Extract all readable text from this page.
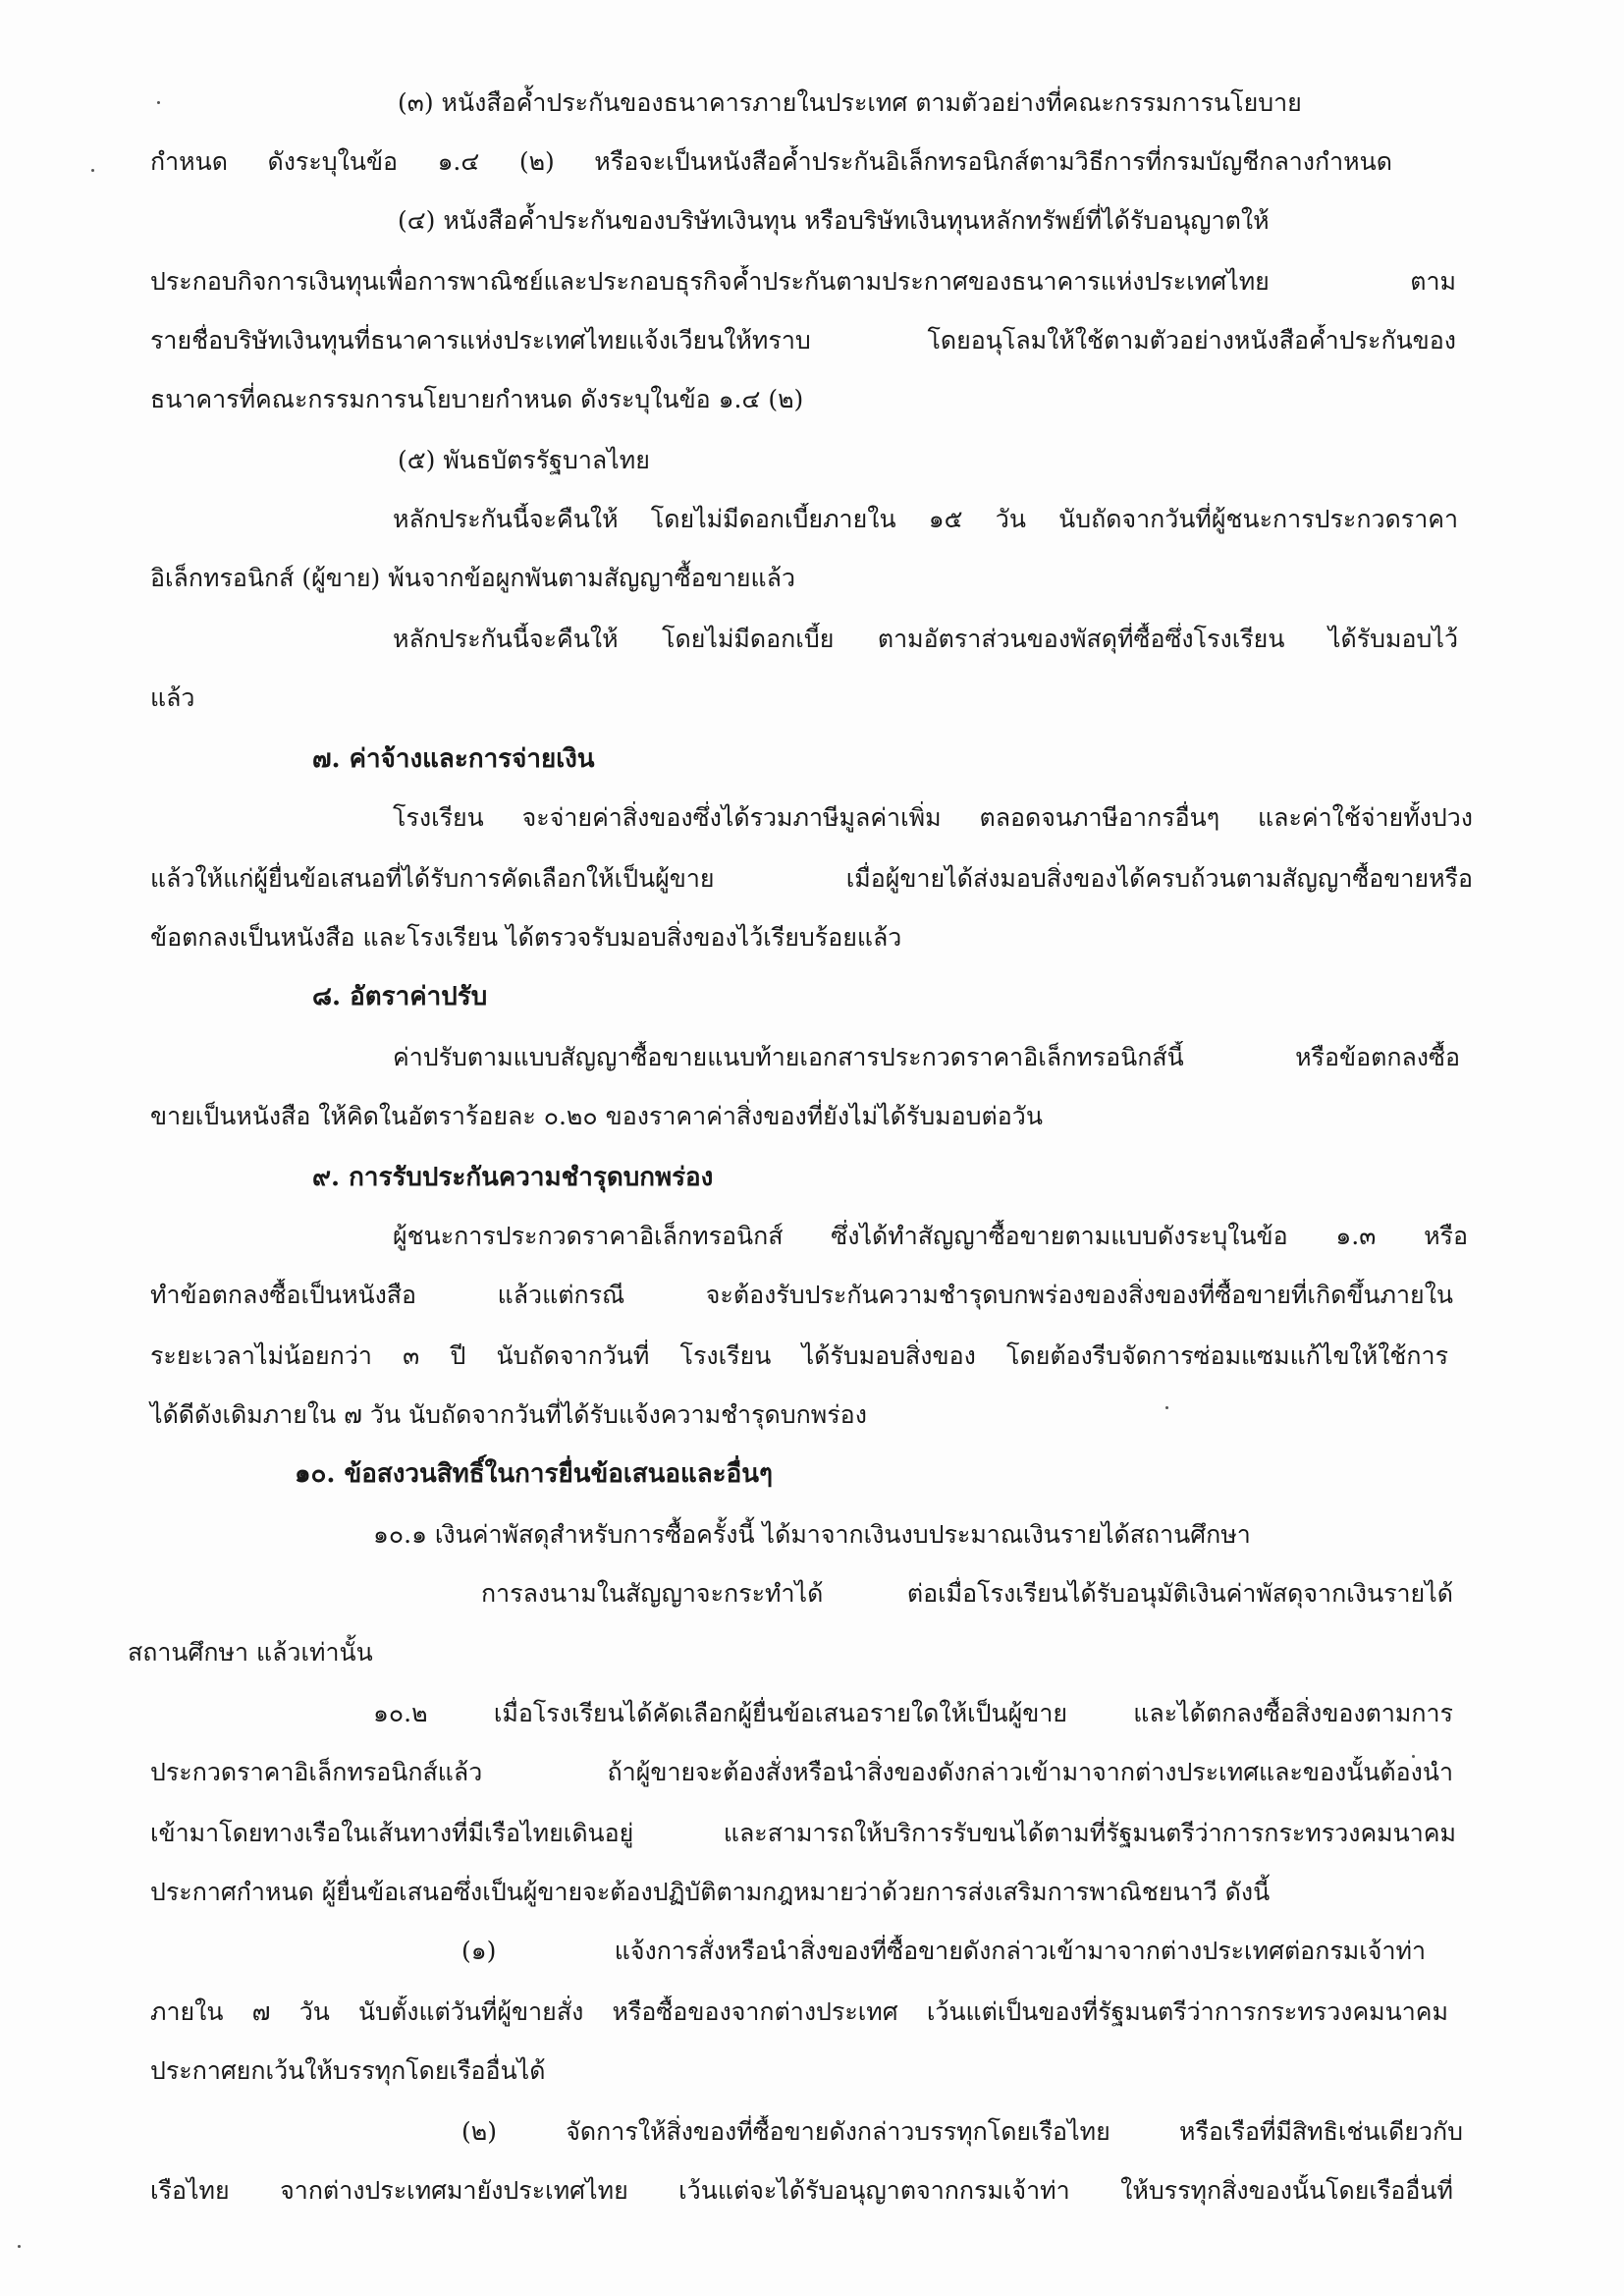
(๓) หนังสือค้ำประกันของธนาคารภายในประเทศ ตามตัวอย่างที่คณะกรรมการนโยบาย
กำหนด ดังระบุในข้อ ๑.๔ (๒) หรือจะเป็นหนังสือค้ำประกันอิเล็กทรอนิกส์ตามวิธีการที่กรมบัญชีกลางกำหนด
(๔) หนังสือค้ำประกันของบริษัทเงินทุน หรือบริษัทเงินทุนหลักทรัพย์ที่ได้รับอนุญาตให้
ประกอบกิจการเงินทุนเพื่อการพาณิชย์และประกอบธุรกิจค้ำประกันตามประกาศของธนาคารแห่งประเทศไทย ตาม
รายชื่อบริษัทเงินทุนที่ธนาคารแห่งประเทศไทยแจ้งเวียนให้ทราบ โดยอนุโลมให้ใช้ตามตัวอย่างหนังสือค้ำประกันของ
ธนาคารที่คณะกรรมการนโยบายกำหนด ดังระบุในข้อ ๑.๔ (๒)
(๕) พันธบัตรรัฐบาลไทย
หลักประกันนี้จะคืนให้ โดยไม่มีดอกเบี้ยภายใน ๑๕ วัน นับถัดจากวันที่ผู้ชนะการประกวดราคา
อิเล็กทรอนิกส์ (ผู้ขาย) พ้นจากข้อผูกพันตามสัญญาซื้อขายแล้ว
หลักประกันนี้จะคืนให้ โดยไม่มีดอกเบี้ย ตามอัตราส่วนของพัสดุที่ซื้อซึ่งโรงเรียน ได้รับมอบไว้
แล้ว
๗. ค่าจ้างและการจ่ายเงิน
โรงเรียน จะจ่ายค่าสิ่งของซึ่งได้รวมภาษีมูลค่าเพิ่ม ตลอดจนภาษีอากรอื่นๆ และค่าใช้จ่ายทั้งปวง
แล้วให้แก่ผู้ยื่นข้อเสนอที่ได้รับการคัดเลือกให้เป็นผู้ขาย เมื่อผู้ขายได้ส่งมอบสิ่งของได้ครบถ้วนตามสัญญาซื้อขายหรือ
ข้อตกลงเป็นหนังสือ และโรงเรียน ได้ตรวจรับมอบสิ่งของไว้เรียบร้อยแล้ว
๘. อัตราค่าปรับ
ค่าปรับตามแบบสัญญาซื้อขายแนบท้ายเอกสารประกวดราคาอิเล็กทรอนิกส์นี้ หรือข้อตกลงซื้อ
ขายเป็นหนังสือ ให้คิดในอัตราร้อยละ ๐.๒๐ ของราคาค่าสิ่งของที่ยังไม่ได้รับมอบต่อวัน
๙. การรับประกันความชำรุดบกพร่อง
ผู้ชนะการประกวดราคาอิเล็กทรอนิกส์ ซึ่งได้ทำสัญญาซื้อขายตามแบบดังระบุในข้อ ๑.๓ หรือ
ทำข้อตกลงซื้อเป็นหนังสือ แล้วแต่กรณี จะต้องรับประกันความชำรุดบกพร่องของสิ่งของที่ซื้อขายที่เกิดขึ้นภายใน
ระยะเวลาไม่น้อยกว่า ๓ ปี นับถัดจากวันที่ โรงเรียน ได้รับมอบสิ่งของ โดยต้องรีบจัดการซ่อมแซมแก้ไขให้ใช้การ
ได้ดีดังเดิมภายใน ๗ วัน นับถัดจากวันที่ได้รับแจ้งความชำรุดบกพร่อง
๑๐. ข้อสงวนสิทธิ์ในการยื่นข้อเสนอและอื่นๆ
๑๐.๑ เงินค่าพัสดุสำหรับการซื้อครั้งนี้ ได้มาจากเงินงบประมาณเงินรายได้สถานศึกษา
การลงนามในสัญญาจะกระทำได้ ต่อเมื่อโรงเรียนได้รับอนุมัติเงินค่าพัสดุจากเงินรายได้
สถานศึกษา แล้วเท่านั้น
๑๐.๒ เมื่อโรงเรียนได้คัดเลือกผู้ยื่นข้อเสนอรายใดให้เป็นผู้ขาย และได้ตกลงซื้อสิ่งของตามการ
ประกวดราคาอิเล็กทรอนิกส์แล้ว ถ้าผู้ขายจะต้องสั่งหรือนำสิ่งของดังกล่าวเข้ามาจากต่างประเทศและของนั้นต้องนำ
เข้ามาโดยทางเรือในเส้นทางที่มีเรือไทยเดินอยู่ และสามารถให้บริการรับขนได้ตามที่รัฐมนตรีว่าการกระทรวงคมนาคม
ประกาศกำหนด ผู้ยื่นข้อเสนอซึ่งเป็นผู้ขายจะต้องปฏิบัติตามกฎหมายว่าด้วยการส่งเสริมการพาณิชยนาวี ดังนี้
(๑) แจ้งการสั่งหรือนำสิ่งของที่ซื้อขายดังกล่าวเข้ามาจากต่างประเทศต่อกรมเจ้าท่า
ภายใน ๗ วัน นับตั้งแต่วันที่ผู้ขายสั่ง หรือซื้อของจากต่างประเทศ เว้นแต่เป็นของที่รัฐมนตรีว่าการกระทรวงคมนาคม
ประกาศยกเว้นให้บรรทุกโดยเรืออื่นได้
(๒) จัดการให้สิ่งของที่ซื้อขายดังกล่าวบรรทุกโดยเรือไทย หรือเรือที่มีสิทธิเช่นเดียวกับ
เรือไทย จากต่างประเทศมายังประเทศไทย เว้นแต่จะได้รับอนุญาตจากกรมเจ้าท่า ให้บรรทุกสิ่งของนั้นโดยเรืออื่นที่
